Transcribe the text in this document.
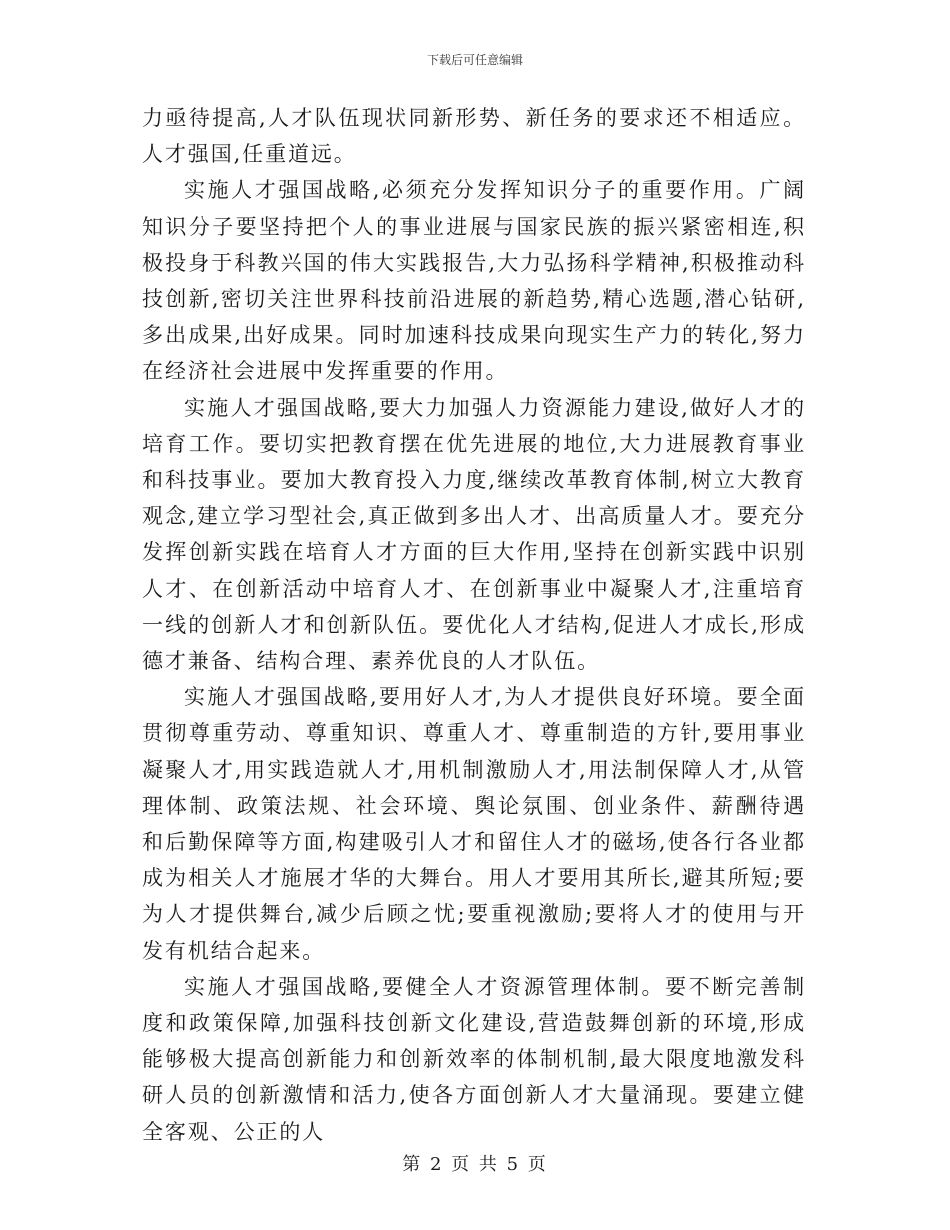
下载后可任意编辑

力亟待提高,人才队伍现状同新形势、新任务的要求还不相适应。人才强国,任重道远。

实施人才强国战略,必须充分发挥知识分子的重要作用。广阔知识分子要坚持把个人的事业进展与国家民族的振兴紧密相连,积极投身于科教兴国的伟大实践报告,大力弘扬科学精神,积极推动科技创新,密切关注世界科技前沿进展的新趋势,精心选题,潜心钻研,多出成果,出好成果。同时加速科技成果向现实生产力的转化,努力在经济社会进展中发挥重要的作用。

实施人才强国战略,要大力加强人力资源能力建设,做好人才的培育工作。要切实把教育摆在优先进展的地位,大力进展教育事业和科技事业。要加大教育投入力度,继续改革教育体制,树立大教育观念,建立学习型社会,真正做到多出人才、出高质量人才。要充分发挥创新实践在培育人才方面的巨大作用,坚持在创新实践中识别人才、在创新活动中培育人才、在创新事业中凝聚人才,注重培育一线的创新人才和创新队伍。要优化人才结构,促进人才成长,形成德才兼备、结构合理、素养优良的人才队伍。

实施人才强国战略,要用好人才,为人才提供良好环境。要全面贯彻尊重劳动、尊重知识、尊重人才、尊重制造的方针,要用事业凝聚人才,用实践造就人才,用机制激励人才,用法制保障人才,从管理体制、政策法规、社会环境、舆论氛围、创业条件、薪酬待遇和后勤保障等方面,构建吸引人才和留住人才的磁场,使各行各业都成为相关人才施展才华的大舞台。用人才要用其所长,避其所短;要为人才提供舞台,减少后顾之忧;要重视激励;要将人才的使用与开发有机结合起来。

实施人才强国战略,要健全人才资源管理体制。要不断完善制度和政策保障,加强科技创新文化建设,营造鼓舞创新的环境,形成能够极大提高创新能力和创新效率的体制机制,最大限度地激发科研人员的创新激情和活力,使各方面创新人才大量涌现。要建立健全客观、公正的人

第 2 页 共 5 页
